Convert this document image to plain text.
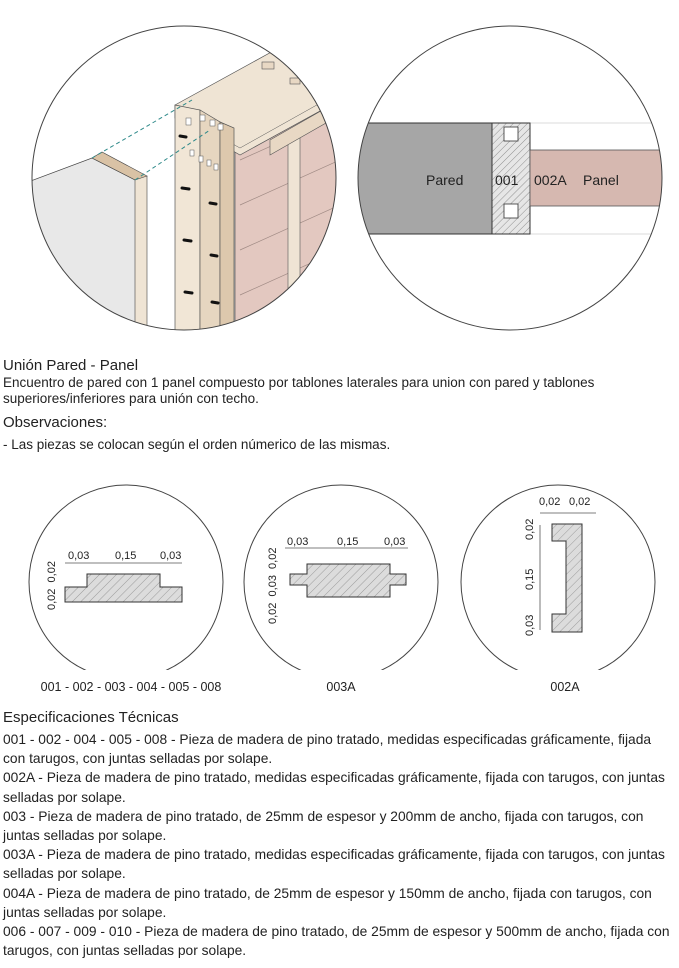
Pared 001 002A Panel
Unión Pared - Panel
Encuentro de pared con 1 panel compuesto por tablones laterales para union con pared y tablones superiores/inferiores para unión con techo.
Observaciones:
- Las piezas se colocan según el orden númerico de las mismas.
0,03 0,15 0,03
0,02  0,02
0,03	0,15 0,03
0,02  0,03  0,02
0,02 0,02
0,03
0,15
0,02
001 - 002 - 003 - 004 - 005 - 008	003A	002A
Especificaciones Técnicas

001 - 002 - 004 - 005 - 008 - Pieza de madera de pino tratado, medidas especificadas gráficamente, fijada con tarugos, con juntas selladas por solape.

002A - Pieza de madera de pino tratado, medidas especificadas gráficamente, fijada con tarugos, con juntas selladas por solape.

003 - Pieza de madera de pino tratado, de 25mm de espesor y 200mm de ancho, fijada con tarugos, con juntas selladas por solape.

003A - Pieza de madera de pino tratado, medidas especificadas gráficamente, fijada con tarugos, con juntas selladas por solape.

004A - Pieza de madera de pino tratado, de 25mm de espesor y 150mm de ancho, fijada con tarugos, con juntas selladas por solape.

006 - 007 - 009 - 010 - Pieza de madera de pino tratado, de 25mm de espesor y 500mm de ancho, fijada con tarugos, con juntas selladas por solape.
